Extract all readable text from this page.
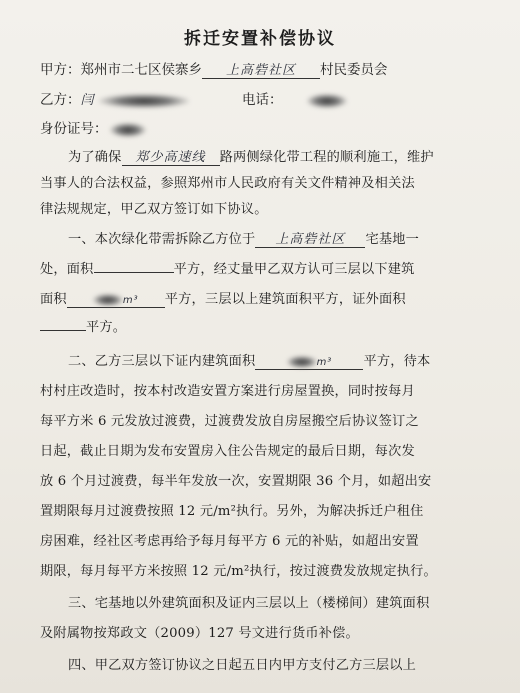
拆迁安置补偿协议
甲方：郑州市二七区侯寨乡 上高砦社区 村民委员会
乙方：闫	电话：
身份证号：
为了确保 郑少高速线 路两侧绿化带工程的顺利施工，维护
当事人的合法权益，参照郑州市人民政府有关文件精神及相关法
律法规规定，甲乙双方签订如下协议。
一、本次绿化带需拆除乙方位于 上高砦社区 宅基地一
处，面积	平方，经丈量甲乙双方认可三层以下建筑
面积	m³ 平方，三层以上建筑面积平方，证外面积
平方。
二、乙方三层以下证内建筑面积	m³ 平方，待本
村村庄改造时，按本村改造安置方案进行房屋置换，同时按每月
每平方米 6 元发放过渡费，过渡费发放自房屋搬空后协议签订之
日起，截止日期为发布安置房入住公告规定的最后日期，每次发
放 6 个月过渡费，每半年发放一次，安置期限 36 个月，如超出安
置期限每月过渡费按照 12 元/m²执行。另外，为解决拆迁户租住
房困难，经社区考虑再给予每月每平方 6 元的补贴，如超出安置
期限，每月每平方米按照 12 元/m²执行，按过渡费发放规定执行。
三、宅基地以外建筑面积及证内三层以上（楼梯间）建筑面积
及附属物按郑政文（2009）127 号文进行货币补偿。
四、甲乙双方签订协议之日起五日内甲方支付乙方三层以上
